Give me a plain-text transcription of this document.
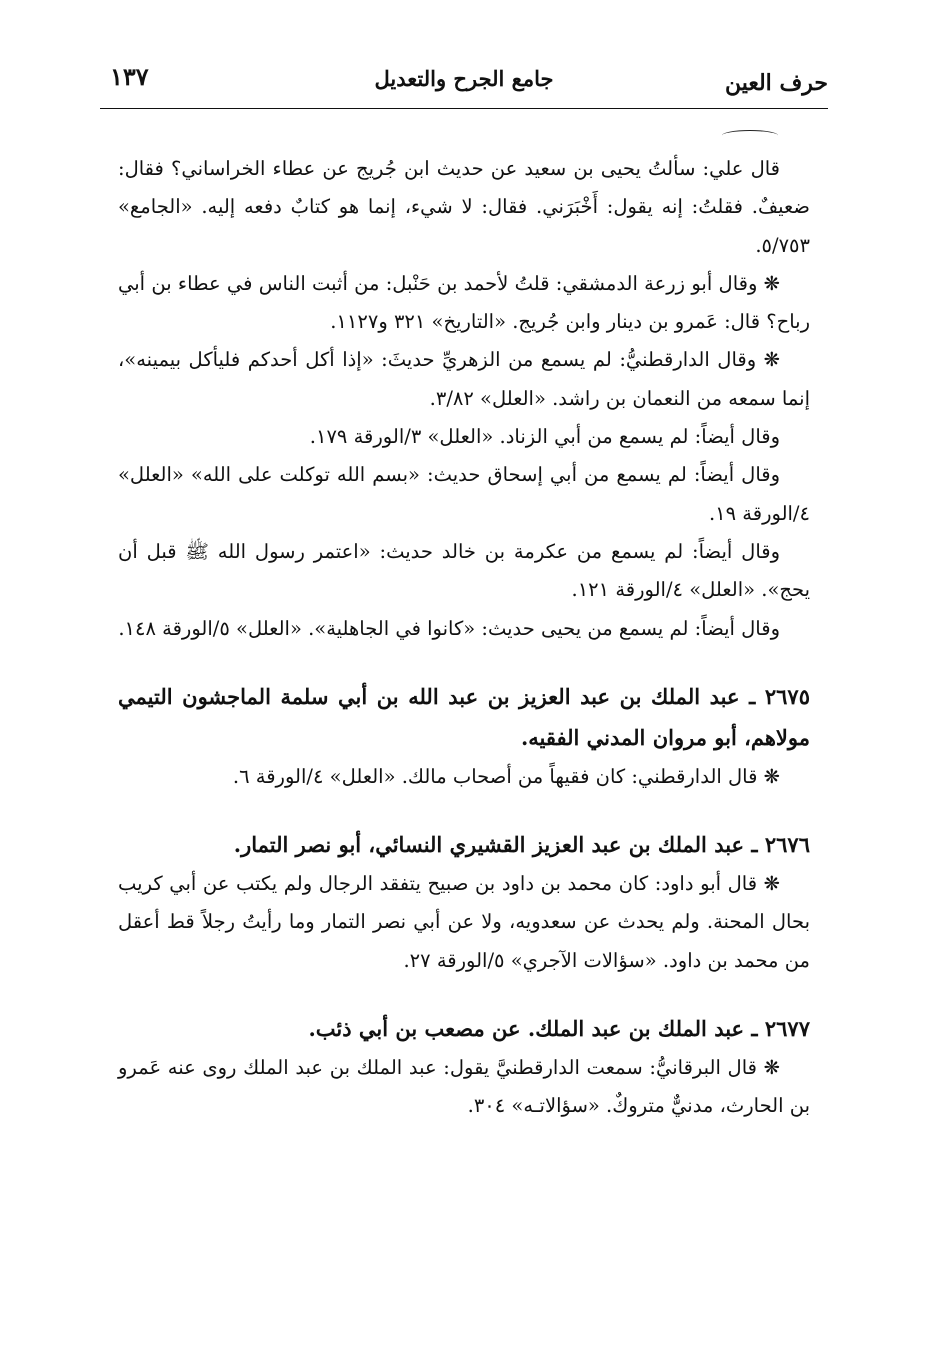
حرف العين
جامع الجرح والتعديل
١٣٧

قال علي: سألتُ يحيى بن سعيد عن حديث ابن جُريج عن عطاء الخراساني؟ فقال: ضعيفٌ. فقلتُ: إنه يقول: أَخْبَرَني. فقال: لا شيء، إنما هو كتابٌ دفعه إليه. «الجامع» ٥/٧٥٣.

❋ وقال أبو زرعة الدمشقي: قلتُ لأحمد بن حَنْبل: من أثبت الناس في عطاء بن أبي رباح؟ قال: عَمرو بن دينار وابن جُريج. «التاريخ» ٣٢١ و١١٢٧.

❋ وقال الدارقطنيُّ: لم يسمع من الزهريِّ حديثَ: «إذا أكل أحدكم فليأكل بيمينه»، إنما سمعه من النعمان بن راشد. «العلل» ٣/٨٢.

وقال أيضاً: لم يسمع من أبي الزناد. «العلل» ٣/الورقة ١٧٩.

وقال أيضاً: لم يسمع من أبي إسحاق حديث: «بسم الله توكلت على الله» «العلل» ٤/الورقة ١٩.

وقال أيضاً: لم يسمع من عكرمة بن خالد حديث: «اعتمر رسول الله ﷺ قبل أن يحج». «العلل» ٤/الورقة ١٢١.

وقال أيضاً: لم يسمع من يحيى حديث: «كانوا في الجاهلية». «العلل» ٥/الورقة ١٤٨.

٢٦٧٥ ـ عبد الملك بن عبد العزيز بن عبد الله بن أبي سلمة الماجشون التيمي مولاهم، أبو مروان المدني الفقيه.

❋ قال الدارقطني: كان فقيهاً من أصحاب مالك. «العلل» ٤/الورقة ٦.

٢٦٧٦ ـ عبد الملك بن عبد العزيز القشيري النسائي، أبو نصر التمار.

❋ قال أبو داود: كان محمد بن داود بن صبيح يتفقد الرجال ولم يكتب عن أبي كريب بحال المحنة. ولم يحدث عن سعدويه، ولا عن أبي نصر التمار وما رأيتُ رجلاً قط أعقل من محمد بن داود. «سؤالات الآجري» ٥/الورقة ٢٧.

٢٦٧٧ ـ عبد الملك بن عبد الملك. عن مصعب بن أبي ذئب.

❋ قال البرقانيُّ: سمعت الدارقطنيَّ يقول: عبد الملك بن عبد الملك روى عنه عَمرو بن الحارث، مدنيٌّ متروكٌ. «سؤالاتـه» ٣٠٤.
